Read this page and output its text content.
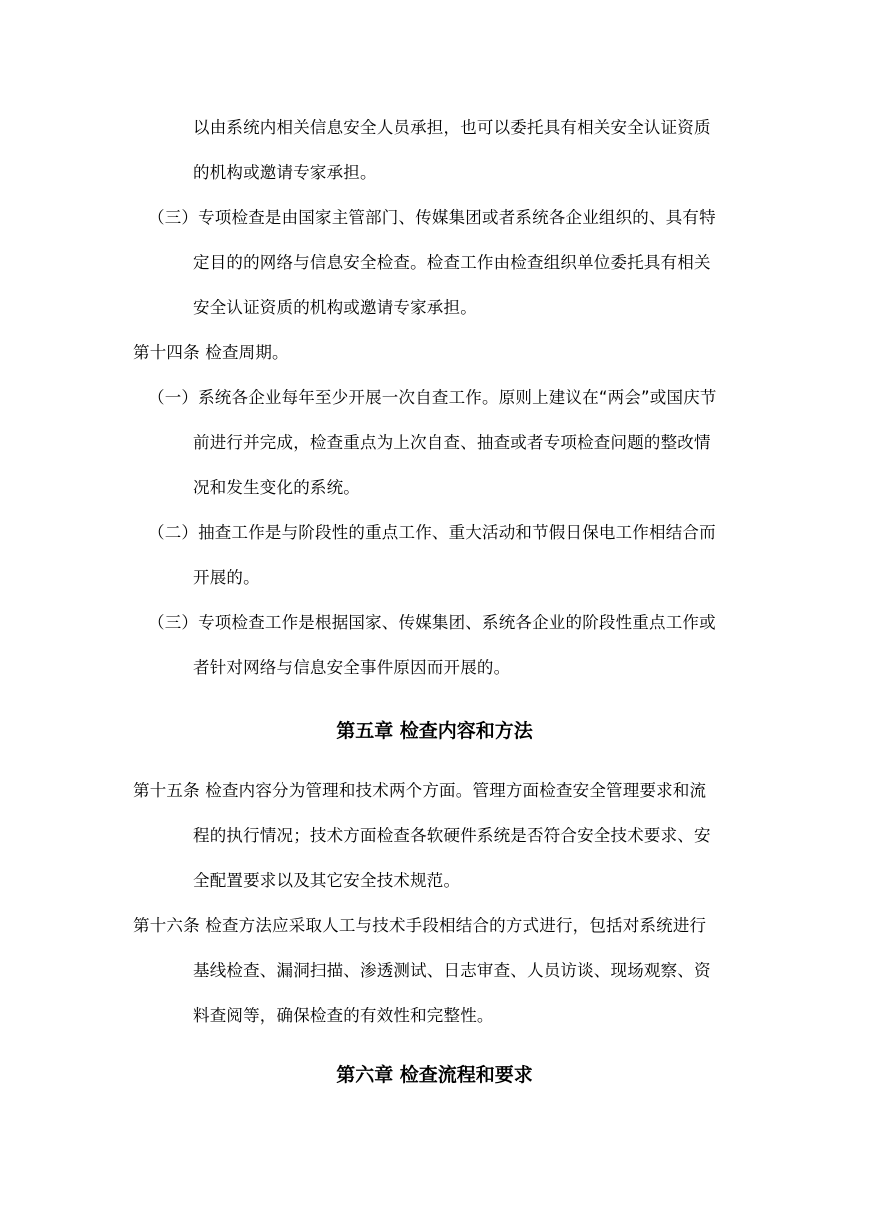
以由系统内相关信息安全人员承担，也可以委托具有相关安全认证资质
的机构或邀请专家承担。
（三）专项检查是由国家主管部门、传媒集团或者系统各企业组织的、具有特
定目的的网络与信息安全检查。检查工作由检查组织单位委托具有相关
安全认证资质的机构或邀请专家承担。
第十四条 检查周期。
（一）系统各企业每年至少开展一次自查工作。原则上建议在“两会”或国庆节
前进行并完成，检查重点为上次自查、抽查或者专项检查问题的整改情
况和发生变化的系统。
（二）抽查工作是与阶段性的重点工作、重大活动和节假日保电工作相结合而
开展的。
（三）专项检查工作是根据国家、传媒集团、系统各企业的阶段性重点工作或
者针对网络与信息安全事件原因而开展的。
第五章 检查内容和方法
第十五条 检查内容分为管理和技术两个方面。管理方面检查安全管理要求和流
程的执行情况；技术方面检查各软硬件系统是否符合安全技术要求、安
全配置要求以及其它安全技术规范。
第十六条 检查方法应采取人工与技术手段相结合的方式进行，包括对系统进行
基线检查、漏洞扫描、渗透测试、日志审查、人员访谈、现场观察、资
料查阅等，确保检查的有效性和完整性。
第六章 检查流程和要求
